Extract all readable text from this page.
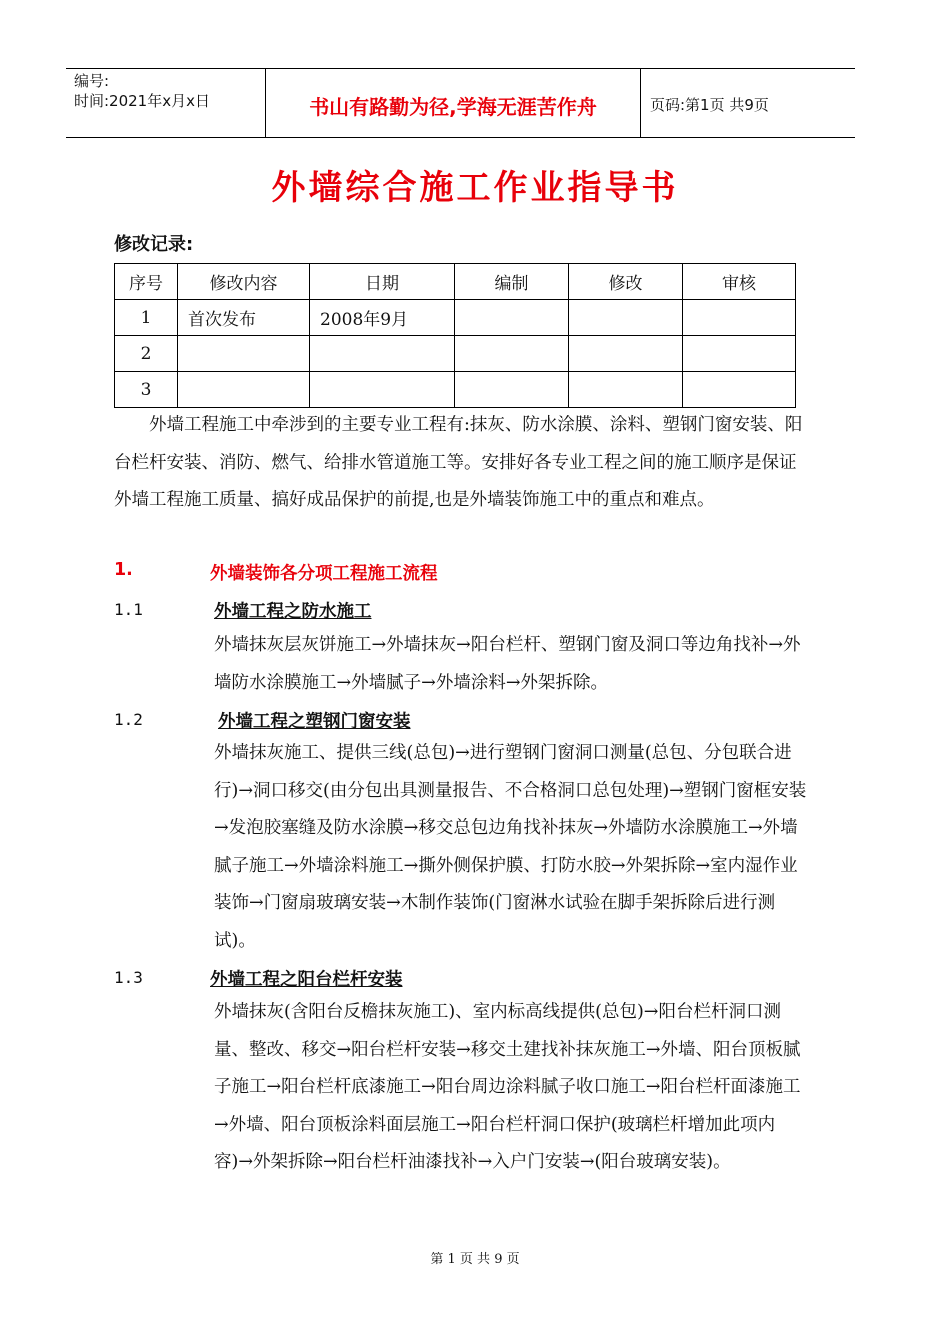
编号:
时间:2021年x月x日	书山有路勤为径,学海无涯苦作舟	页码:第1页 共9页
外墙综合施工作业指导书
修改记录:
序号	修改内容	日期	编制	修改	审核
1	首次发布	2008年9月			
2					
3					
外墙工程施工中牵涉到的主要专业工程有:抹灰、防水涂膜、涂料、塑钢门窗安装、阳台栏杆安装、消防、燃气、给排水管道施工等。安排好各专业工程之间的施工顺序是保证外墙工程施工质量、搞好成品保护的前提,也是外墙装饰施工中的重点和难点。
1.	外墙装饰各分项工程施工流程
1.1	外墙工程之防水施工
外墙抹灰层灰饼施工→外墙抹灰→阳台栏杆、塑钢门窗及洞口等边角找补→外墙防水涂膜施工→外墙腻子→外墙涂料→外架拆除。
1.2	外墙工程之塑钢门窗安装
外墙抹灰施工、提供三线(总包)→进行塑钢门窗洞口测量(总包、分包联合进行)→洞口移交(由分包出具测量报告、不合格洞口总包处理)→塑钢门窗框安装→发泡胶塞缝及防水涂膜→移交总包边角找补抹灰→外墙防水涂膜施工→外墙腻子施工→外墙涂料施工→撕外侧保护膜、打防水胶→外架拆除→室内湿作业装饰→门窗扇玻璃安装→木制作装饰(门窗淋水试验在脚手架拆除后进行测试)。
1.3	外墙工程之阳台栏杆安装
外墙抹灰(含阳台反檐抹灰施工)、室内标高线提供(总包)→阳台栏杆洞口测量、整改、移交→阳台栏杆安装→移交土建找补抹灰施工→外墙、阳台顶板腻子施工→阳台栏杆底漆施工→阳台周边涂料腻子收口施工→阳台栏杆面漆施工→外墙、阳台顶板涂料面层施工→阳台栏杆洞口保护(玻璃栏杆增加此项内容)→外架拆除→阳台栏杆油漆找补→入户门安装→(阳台玻璃安装)。
第 1 页 共 9 页
